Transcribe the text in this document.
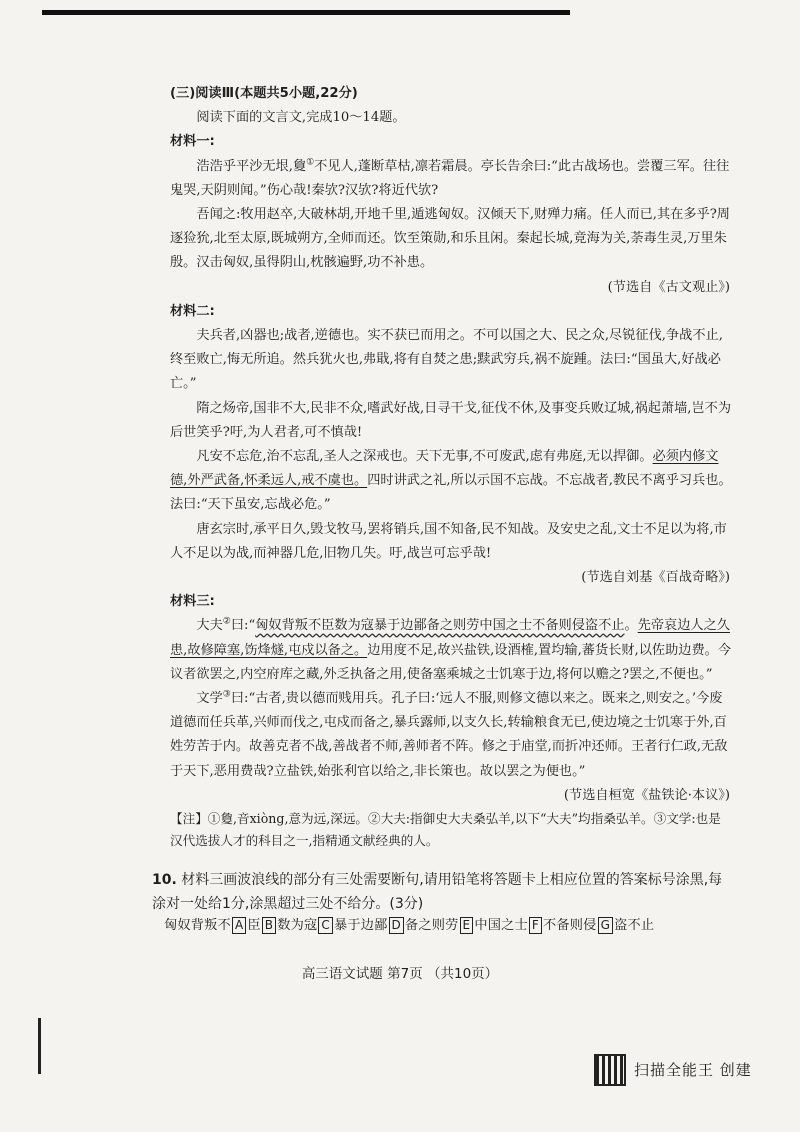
(三)阅读Ⅲ(本题共5小题,22分)

阅读下面的文言文,完成10～14题。

材料一:

浩浩乎平沙无垠,敻①不见人,蓬断草枯,凛若霜晨。亭长告余曰:“此古战场也。尝覆三军。往往鬼哭,天阴则闻。”伤心哉!秦欤?汉欤?将近代欤?

吾闻之:牧用赵卒,大破林胡,开地千里,遁逃匈奴。汉倾天下,财殚力痛。任人而已,其在多乎?周逐猃狁,北至太原,既城朔方,全师而还。饮至策勋,和乐且闲。秦起长城,竟海为关,荼毒生灵,万里朱殷。汉击匈奴,虽得阴山,枕骸遍野,功不补患。

(节选自《古文观止》)

材料二:

夫兵者,凶器也;战者,逆德也。实不获已而用之。不可以国之大、民之众,尽锐征伐,争战不止,终至败亡,悔无所追。然兵犹火也,弗戢,将有自焚之患;黩武穷兵,祸不旋踵。法曰:“国虽大,好战必亡。”

隋之炀帝,国非不大,民非不众,嗜武好战,日寻干戈,征伐不休,及事变兵败辽城,祸起萧墙,岂不为后世笑乎?吁,为人君者,可不慎哉!

凡安不忘危,治不忘乱,圣人之深戒也。天下无事,不可废武,虑有弗庭,无以捍御。必须内修文德,外严武备,怀柔远人,戒不虞也。四时讲武之礼,所以示国不忘战。不忘战者,教民不离乎习兵也。法曰:“天下虽安,忘战必危。”

唐玄宗时,承平日久,毁戈牧马,罢将销兵,国不知备,民不知战。及安史之乱,文士不足以为将,市人不足以为战,而神器几危,旧物几失。吁,战岂可忘乎哉!

(节选自刘基《百战奇略》)

材料三:

大夫②曰:“匈奴背叛不臣数为寇暴于边鄙备之则劳中国之士不备则侵盗不止。先帝哀边人之久患,故修障塞,饬烽燧,屯戍以备之。边用度不足,故兴盐铁,设酒榷,置均输,蕃货长财,以佐助边费。今议者欲罢之,内空府库之藏,外乏执备之用,使备塞乘城之士饥寒于边,将何以赡之?罢之,不便也。”

文学③曰:“古者,贵以德而贱用兵。孔子曰:‘远人不服,则修文德以来之。既来之,则安之。’今废道德而任兵革,兴师而伐之,屯戍而备之,暴兵露师,以支久长,转输粮食无已,使边境之士饥寒于外,百姓劳苦于内。故善克者不战,善战者不师,善师者不阵。修之于庙堂,而折冲还师。王者行仁政,无敌于天下,恶用费哉?立盐铁,始张利官以给之,非长策也。故以罢之为便也。”

(节选自桓宽《盐铁论·本议》)

【注】①敻,音xiòng,意为远,深远。②大夫:指御史大夫桑弘羊,以下“大夫”均指桑弘羊。③文学:也是汉代选拔人才的科目之一,指精通文献经典的人。

10. 材料三画波浪线的部分有三处需要断句,请用铅笔将答题卡上相应位置的答案标号涂黑,每涂对一处给1分,涂黑超过三处不给分。(3分)
匈奴背叛不 A 臣 B 数为寇 C 暴于边鄙 D 备之则劳 E 中国之士 F 不备则侵 G 盗不止
高三语文试题 第7页 （共10页）
扫描全能王 创建
